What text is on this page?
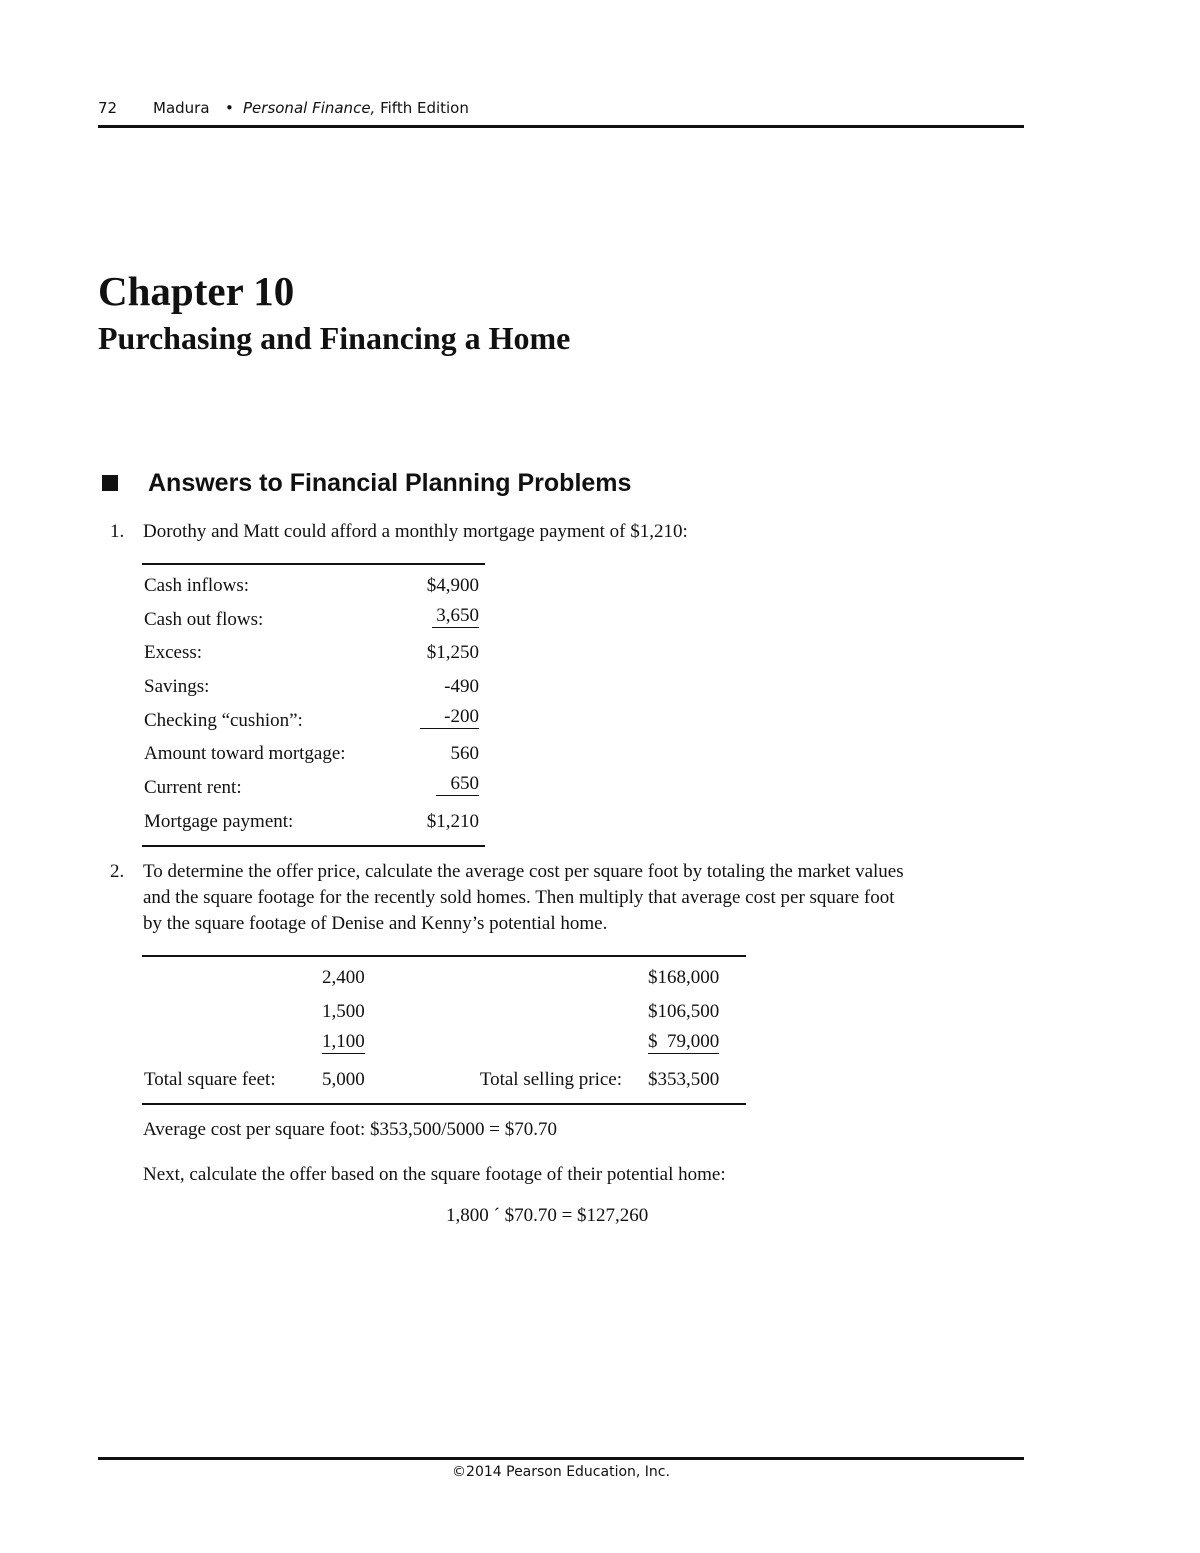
72 Madura • Personal Finance, Fifth Edition
Chapter 10
Purchasing and Financing a Home
Answers to Financial Planning Problems
1. Dorothy and Matt could afford a monthly mortgage payment of $1,210:
Cash inflows:	$4,900
Cash out flows:	3,650
Excess:	$1,250
Savings:	-490
Checking “cushion”:	-200
Amount toward mortgage:	560
Current rent:	650
Mortgage payment:	$1,210
2. To determine the offer price, calculate the average cost per square foot by totaling the market values
and the square footage for the recently sold homes. Then multiply that average cost per square foot
by the square footage of Denise and Kenny’s potential home.
2,400	$168,000
1,500	$106,500
1,100	$  79,000
Total square feet: 5,000	Total selling price: $353,500
Average cost per square foot: $353,500/5000 = $70.70
Next, calculate the offer based on the square footage of their potential home:
1,800 ´ $70.70 = $127,260
©2014 Pearson Education, Inc.
